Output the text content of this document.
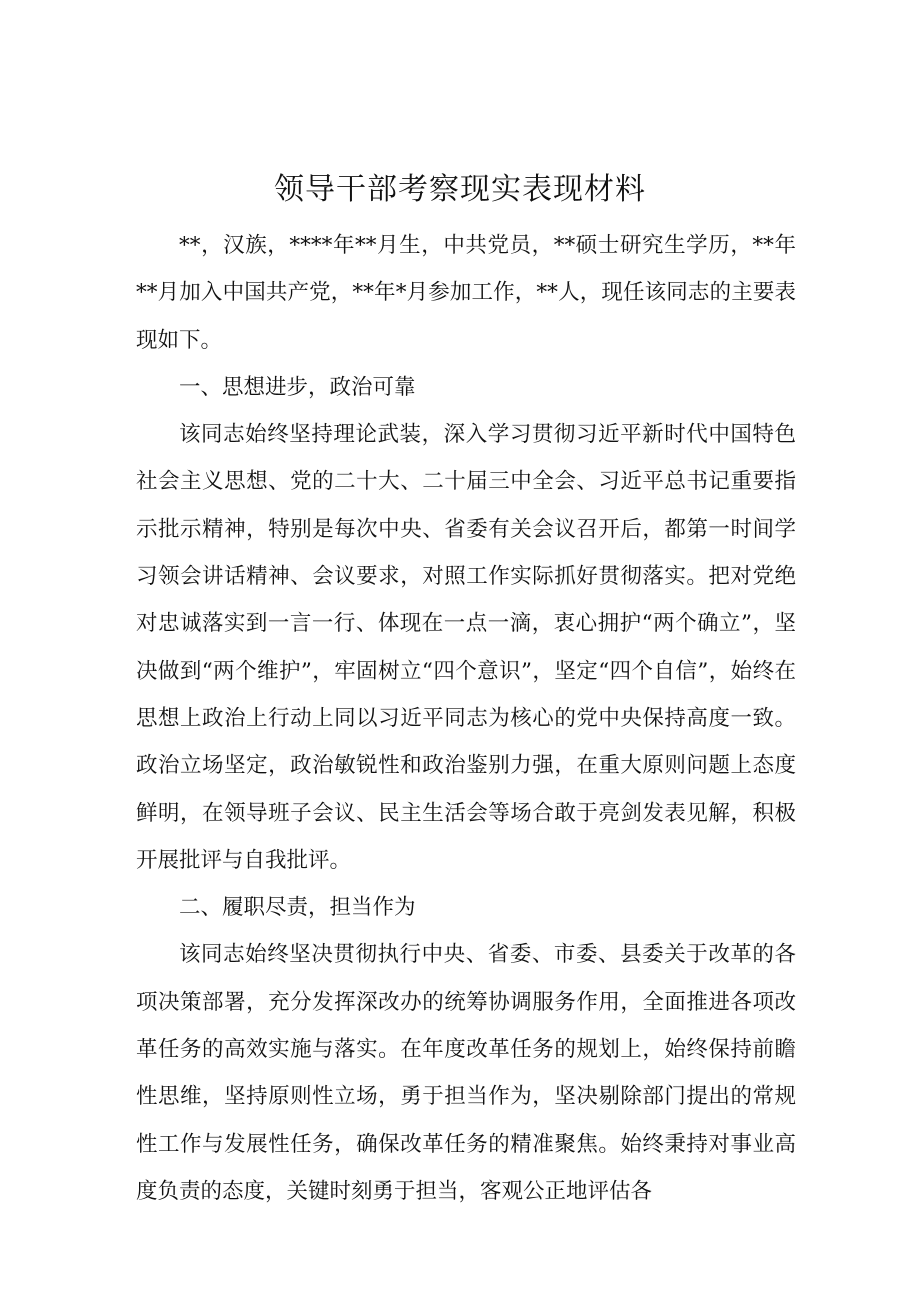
领导干部考察现实表现材料

**，汉族，****年**月生，中共党员，**硕士研究生学历，**年**月加入中国共产党，**年*月参加工作，**人，现任该同志的主要表现如下。

一、思想进步，政治可靠

该同志始终坚持理论武装，深入学习贯彻习近平新时代中国特色社会主义思想、党的二十大、二十届三中全会、习近平总书记重要指示批示精神，特别是每次中央、省委有关会议召开后，都第一时间学习领会讲话精神、会议要求，对照工作实际抓好贯彻落实。把对党绝对忠诚落实到一言一行、体现在一点一滴，衷心拥护“两个确立”，坚决做到“两个维护”，牢固树立“四个意识”，坚定“四个自信”，始终在思想上政治上行动上同以习近平同志为核心的党中央保持高度一致。政治立场坚定，政治敏锐性和政治鉴别力强，在重大原则问题上态度鲜明，在领导班子会议、民主生活会等场合敢于亮剑发表见解，积极开展批评与自我批评。

二、履职尽责，担当作为

该同志始终坚决贯彻执行中央、省委、市委、县委关于改革的各项决策部署，充分发挥深改办的统筹协调服务作用，全面推进各项改革任务的高效实施与落实。在年度改革任务的规划上，始终保持前瞻性思维，坚持原则性立场，勇于担当作为，坚决剔除部门提出的常规性工作与发展性任务，确保改革任务的精准聚焦。始终秉持对事业高度负责的态度，关键时刻勇于担当，客观公正地评估各
